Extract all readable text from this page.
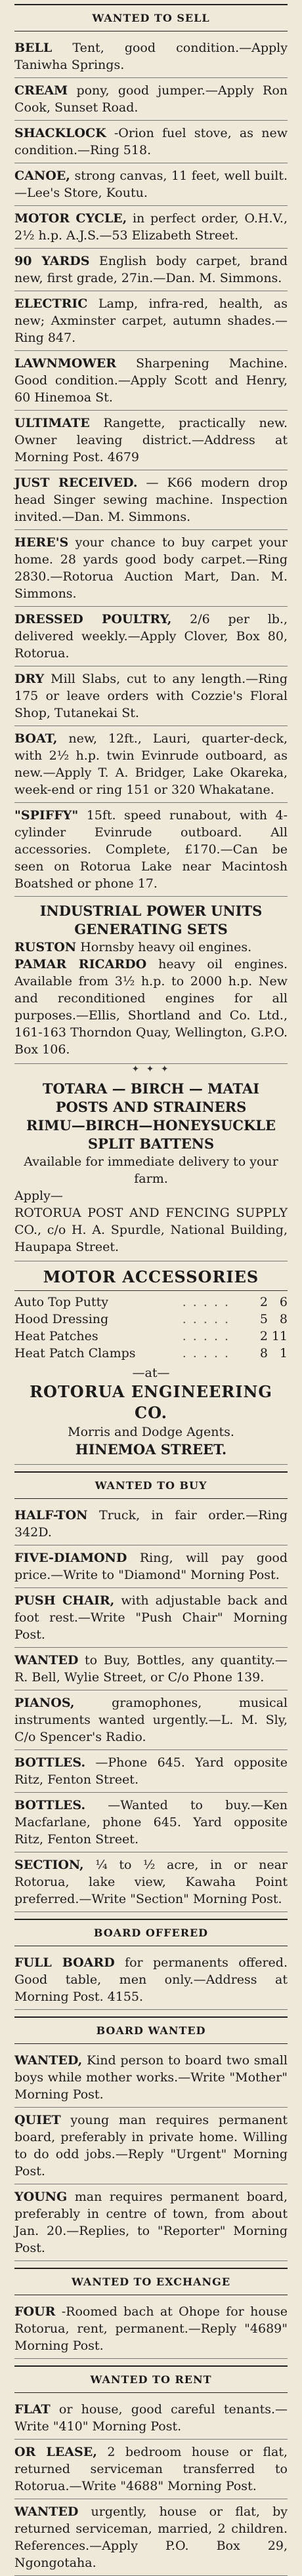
WANTED TO SELL
BELL Tent, good condition.—Apply Taniwha Springs.
CREAM pony, good jumper.—Apply Ron Cook, Sunset Road.
SHACKLOCK -Orion fuel stove, as new condition.—Ring 518.
CANOE, strong canvas, 11 feet, well built.—Lee's Store, Koutu.
MOTOR CYCLE, in perfect order, O.H.V., 2½ h.p. A.J.S.—53 Elizabeth Street.
90 YARDS English body carpet, brand new, first grade, 27in.—Dan. M. Simmons.
ELECTRIC Lamp, infra-red, health, as new; Axminster carpet, autumn shades.—Ring 847.
LAWNMOWER Sharpening Machine. Good condition.—Apply Scott and Henry, 60 Hinemoa St.
ULTIMATE Rangette, practically new. Owner leaving district.—Address at Morning Post. 4679
JUST RECEIVED. — K66 modern drop head Singer sewing machine. Inspection invited.—Dan. M. Simmons.
HERE'S your chance to buy carpet your home. 28 yards good body carpet.—Ring 2830.—Rotorua Auction Mart, Dan. M. Simmons.
DRESSED POULTRY, 2/6 per lb., delivered weekly.—Apply Clover, Box 80, Rotorua.
DRY Mill Slabs, cut to any length.—Ring 175 or leave orders with Cozzie's Floral Shop, Tutanekai St.
BOAT, new, 12ft., Lauri, quarter-deck, with 2½ h.p. twin Evinrude outboard, as new.—Apply T. A. Bridger, Lake Okareka, week-end or ring 151 or 320 Whakatane.
"SPIFFY" 15ft. speed runabout, with 4-cylinder Evinrude outboard. All accessories. Complete, £170.—Can be seen on Rotorua Lake near Macintosh Boatshed or phone 17.
INDUSTRIAL POWER UNITS
GENERATING SETS
RUSTON Hornsby heavy oil engines.
PAMAR RICARDO heavy oil engines. Available from 3½ h.p. to 2000 h.p. New and reconditioned engines for all purposes.—Ellis, Shortland and Co. Ltd., 161-163 Thorndon Quay, Wellington, G.P.O. Box 106.
✦ ✦ ✦
TOTARA — BIRCH — MATAI
POSTS AND STRAINERS
RIMU—BIRCH—HONEYSUCKLE
SPLIT BATTENS
Available for immediate delivery to your farm.
Apply—
ROTORUA POST AND FENCING SUPPLY CO., c/o H. A. Spurdle, National Building, Haupapa Street.
MOTOR ACCESSORIES
Auto Top Putty	. . . . .	2	6
Hood Dressing	. . . . .	5	8
Heat Patches	. . . . .	2	11
Heat Patch Clamps	. . . . .	8	1
—at—
ROTORUA ENGINEERING CO.
Morris and Dodge Agents.
HINEMOA STREET.
WANTED TO BUY
HALF-TON Truck, in fair order.—Ring 342D.
FIVE-DIAMOND Ring, will pay good price.—Write to "Diamond" Morning Post.
PUSH CHAIR, with adjustable back and foot rest.—Write "Push Chair" Morning Post.
WANTED to Buy, Bottles, any quantity.—R. Bell, Wylie Street, or C/o Phone 139.
PIANOS,	gramophones, musical instruments wanted urgently.—L. M. Sly, C/o Spencer's Radio.
BOTTLES. —Phone 645. Yard opposite Ritz, Fenton Street.
BOTTLES. —Wanted to buy.—Ken Macfarlane, phone 645. Yard opposite Ritz, Fenton Street.
SECTION, ¼ to ½ acre, in or near Rotorua, lake view, Kawaha Point preferred.—Write "Section" Morning Post.
BOARD OFFERED
FULL BOARD for permanents offered. Good table, men only.—Address at Morning Post. 4155.
BOARD WANTED
WANTED, Kind person to board two small boys while mother works.—Write "Mother" Morning Post.
QUIET young man requires permanent board, preferably in private home. Willing to do odd jobs.—Reply "Urgent" Morning Post.
YOUNG man requires permanent board, preferably in centre of town, from about Jan. 20.—Replies, to "Reporter" Morning Post.
WANTED TO EXCHANGE
FOUR -Roomed bach at Ohope for house Rotorua, rent, permanent.—Reply "4689" Morning Post.
WANTED TO RENT
FLAT or house, good careful tenants.—Write "410" Morning Post.
OR LEASE, 2 bedroom house or flat, returned serviceman transferred to Rotorua.—Write "4688" Morning Post.
WANTED urgently, house or flat, by returned serviceman, married, 2 children. References.—Apply P.O. Box 29, Ngongotaha.
